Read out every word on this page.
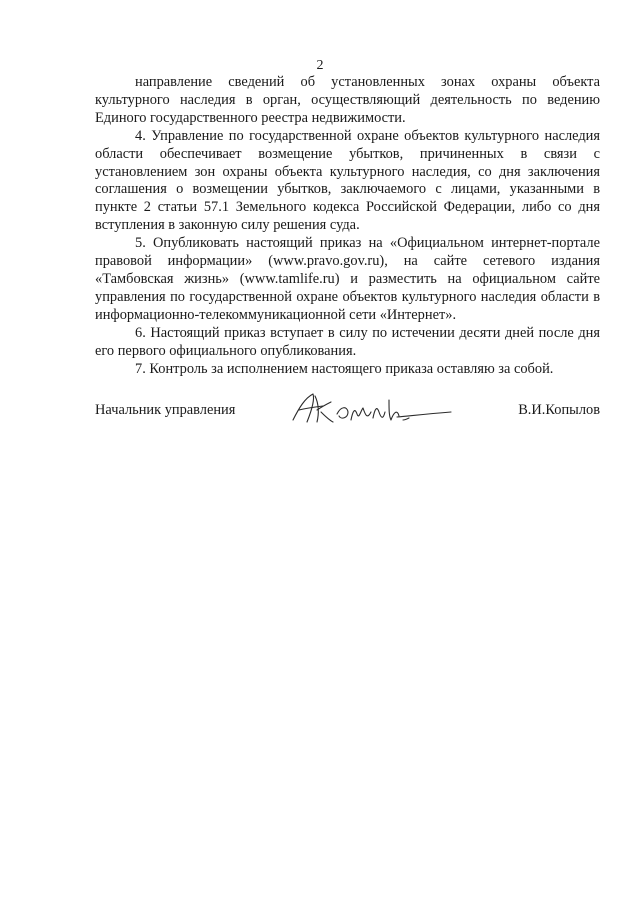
2

направление сведений об установленных зонах охраны объекта культурного наследия в орган, осуществляющий деятельность по ведению Единого государственного реестра недвижимости.

4. Управление по государственной охране объектов культурного наследия области обеспечивает возмещение убытков, причиненных в связи с установлением зон охраны объекта культурного наследия, со дня заключения соглашения о возмещении убытков, заключаемого с лицами, указанными в пункте 2 статьи 57.1 Земельного кодекса Российской Федерации, либо со дня вступления в законную силу решения суда.

5. Опубликовать настоящий приказ на «Официальном интернет-портале правовой информации» (www.pravo.gov.ru), на сайте сетевого издания «Тамбовская жизнь» (www.tamlife.ru) и разместить на официальном сайте управления по государственной охране объектов культурного наследия области в информационно-телекоммуникационной сети «Интернет».

6. Настоящий приказ вступает в силу по истечении десяти дней после дня его первого официального опубликования.

7. Контроль за исполнением настоящего приказа оставляю за собой.

Начальник управления	В.И.Копылов
